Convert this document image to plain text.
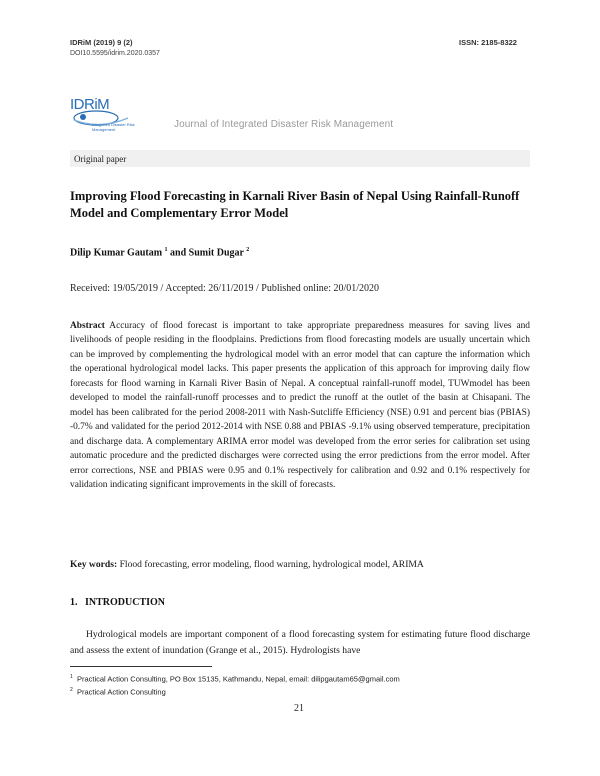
IDRiM (2019) 9 (2)
DOI10.5595/idrim.2020.0357
ISSN: 2185-8322
IDRiM
Integrated Disaster Risk Management	Journal of Integrated Disaster Risk Management
Original paper
Improving Flood Forecasting in Karnali River Basin of Nepal Using Rainfall-Runoff Model and Complementary Error Model
Dilip Kumar Gautam $^1$ and Sumit Dugar $^2$
Received: 19/05/2019 / Accepted: 26/11/2019 / Published online: 20/01/2020
Abstract Accuracy of flood forecast is important to take appropriate preparedness measures for saving lives and livelihoods of people residing in the floodplains. Predictions from flood forecasting models are usually uncertain which can be improved by complementing the hydrological model with an error model that can capture the information which the operational hydrological model lacks. This paper presents the application of this approach for improving daily flow forecasts for flood warning in Karnali River Basin of Nepal. A conceptual rainfall-runoff model, TUWmodel has been developed to model the rainfall-runoff processes and to predict the runoff at the outlet of the basin at Chisapani. The model has been calibrated for the period 2008-2011 with Nash-Sutcliffe Efficiency (NSE) 0.91 and percent bias (PBIAS) -0.7% and validated for the period 2012-2014 with NSE 0.88 and PBIAS -9.1% using observed temperature, precipitation and discharge data. A complementary ARIMA error model was developed from the error series for calibration set using automatic procedure and the predicted discharges were corrected using the error predictions from the error model. After error corrections, NSE and PBIAS were 0.95 and 0.1% respectively for calibration and 0.92 and 0.1% respectively for validation indicating significant improvements in the skill of forecasts.
Key words: Flood forecasting, error modeling, flood warning, hydrological model, ARIMA
1.   INTRODUCTION
Hydrological models are important component of a flood forecasting system for estimating future flood discharge and assess the extent of inundation (Grange et al., 2015). Hydrologists have
$^1$ Practical Action Consulting, PO Box 15135, Kathmandu, Nepal, email: dilipgautam65@gmail.com
$^2$ Practical Action Consulting
21
